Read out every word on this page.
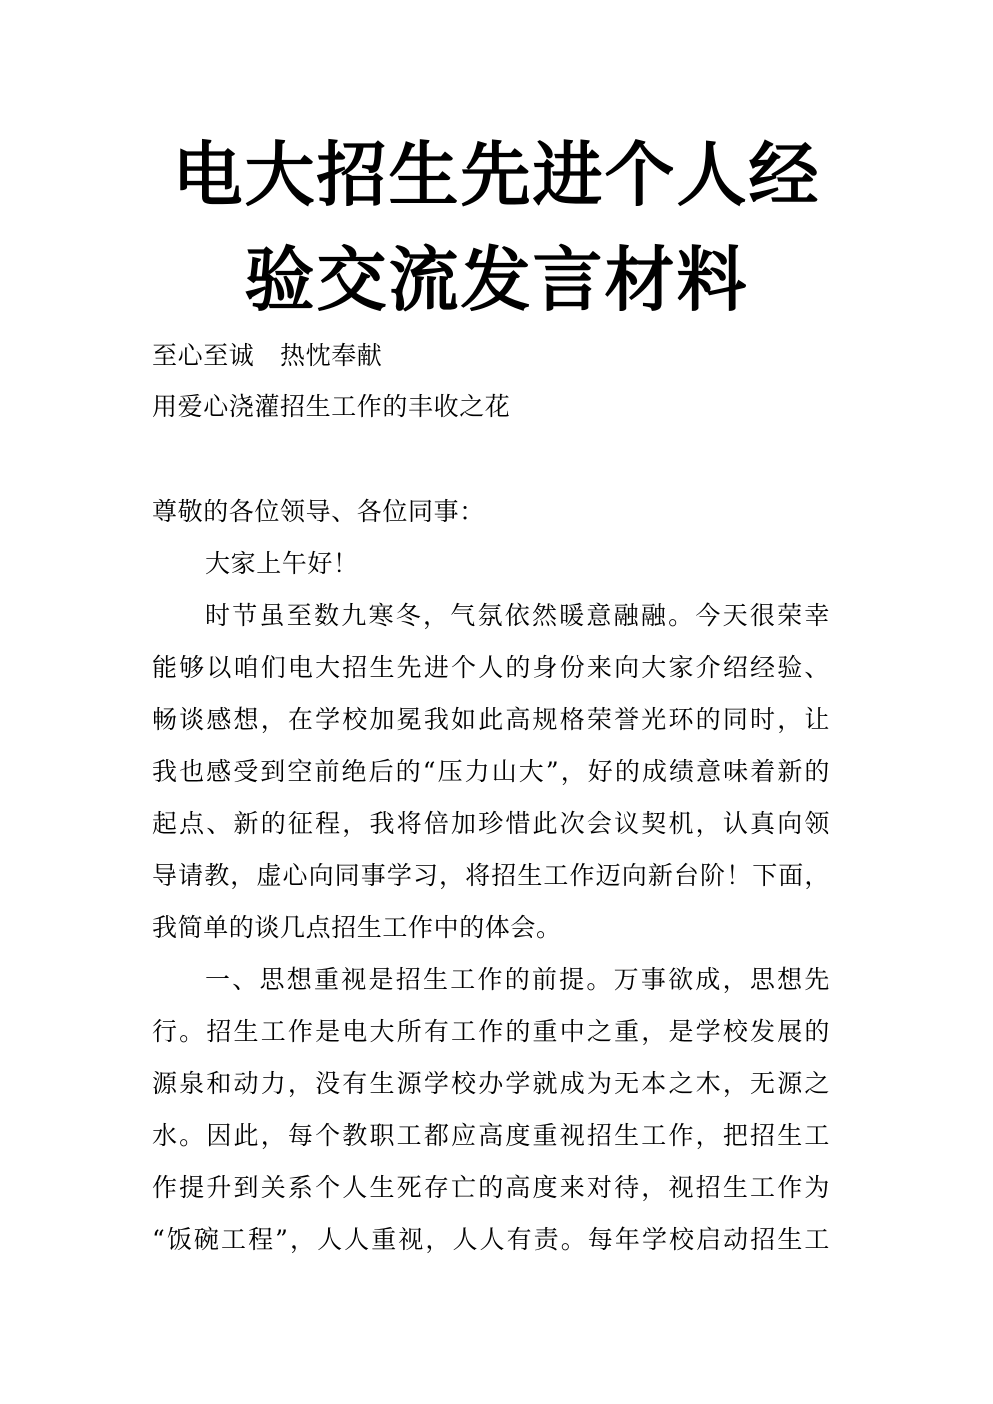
电大招生先进个人经
验交流发言材料
至心至诚　热忱奉献
用爱心浇灌招生工作的丰收之花
尊敬的各位领导、各位同事：
大家上午好！
时节虽至数九寒冬，气氛依然暖意融融。今天很荣幸
能够以咱们电大招生先进个人的身份来向大家介绍经验、
畅谈感想，在学校加冕我如此高规格荣誉光环的同时，让
我也感受到空前绝后的“压力山大”，好的成绩意味着新的
起点、新的征程，我将倍加珍惜此次会议契机，认真向领
导请教，虚心向同事学习，将招生工作迈向新台阶！下面，
我简单的谈几点招生工作中的体会。
一、思想重视是招生工作的前提。万事欲成，思想先
行。招生工作是电大所有工作的重中之重，是学校发展的
源泉和动力，没有生源学校办学就成为无本之木，无源之
水。因此，每个教职工都应高度重视招生工作，把招生工
作提升到关系个人生死存亡的高度来对待，视招生工作为
“饭碗工程”，人人重视，人人有责。每年学校启动招生工
